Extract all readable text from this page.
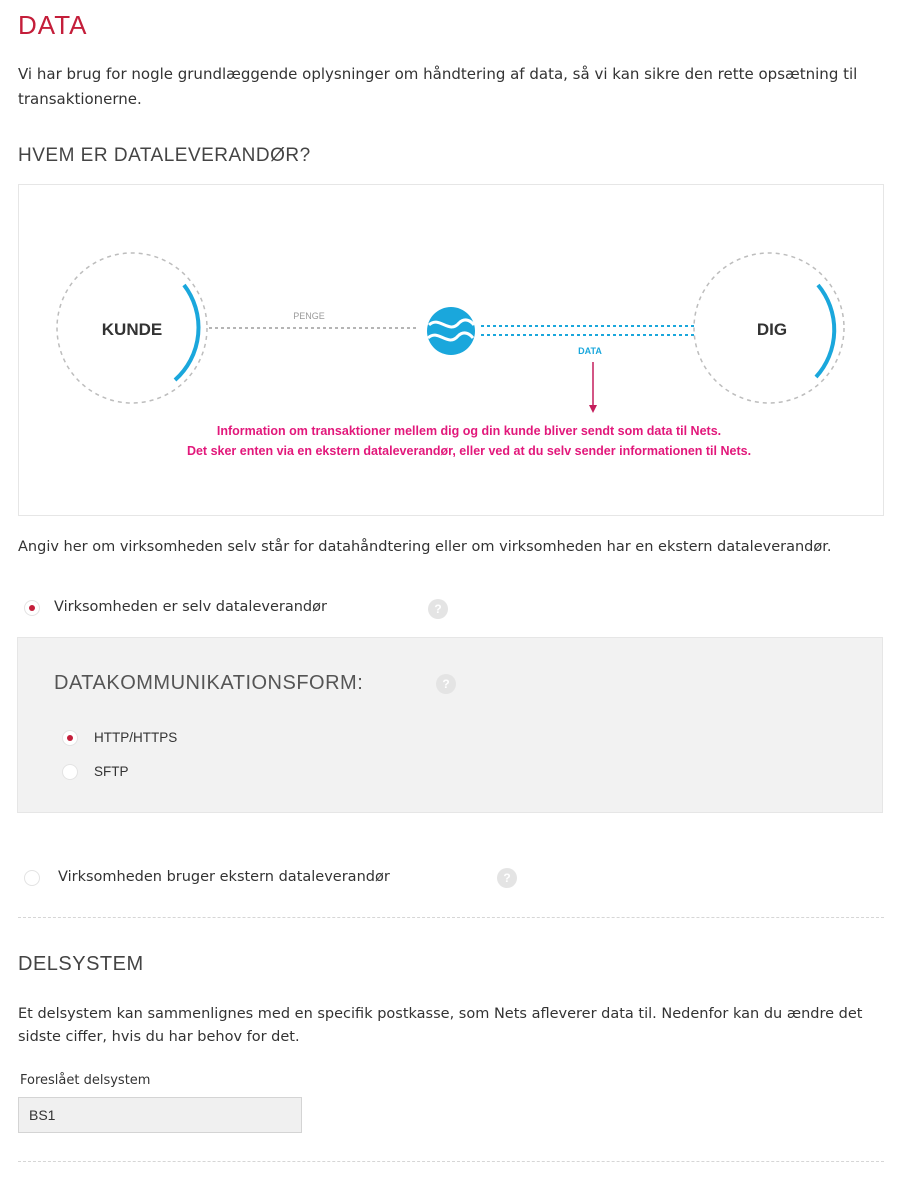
DATA
Vi har brug for nogle grundlæggende oplysninger om håndtering af data, så vi kan sikre den rette opsætning til transaktionerne.
HVEM ER DATALEVERANDØR?
KUNDE	DIG
PENGE
DATA
Information om transaktioner mellem dig og din kunde bliver sendt som data til Nets.
Det sker enten via en ekstern dataleverandør, eller ved at du selv sender informationen til Nets.
Angiv her om virksomheden selv står for datahåndtering eller om virksomheden har en ekstern dataleverandør.
Virksomheden er selv dataleverandør	?
DATAKOMMUNIKATIONSFORM:	?
HTTP/HTTPS
SFTP
Virksomheden bruger ekstern dataleverandør	?
DELSYSTEM
Et delsystem kan sammenlignes med en specifik postkasse, som Nets afleverer data til. Nedenfor kan du ændre det sidste ciffer, hvis du har behov for det.
Foreslået delsystem
BS1
